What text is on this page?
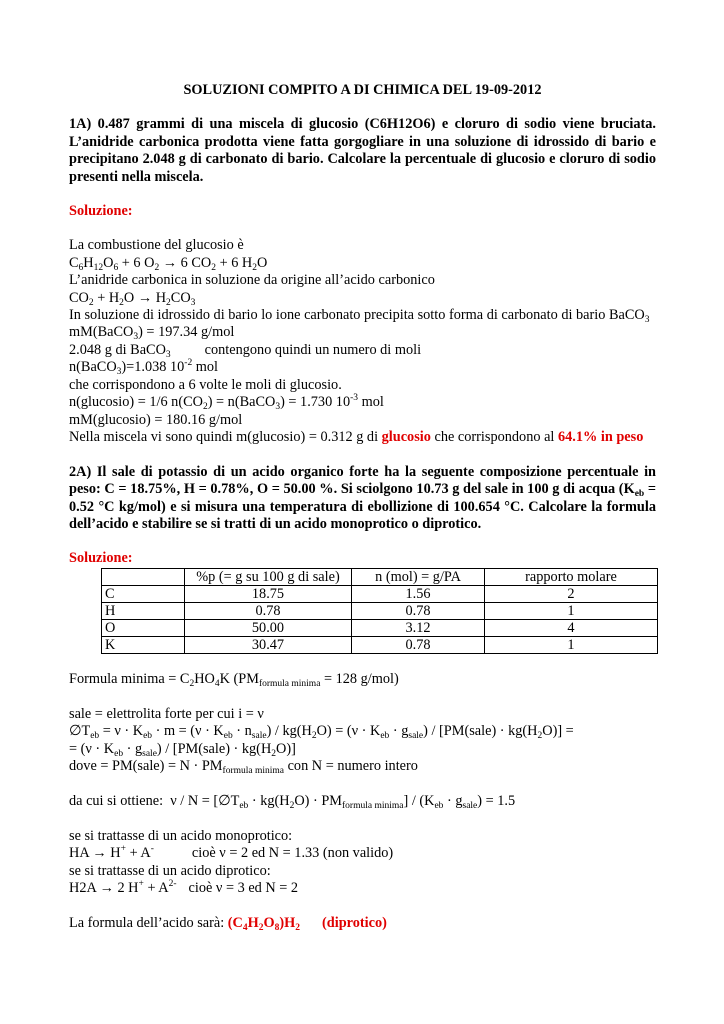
SOLUZIONI COMPITO A DI CHIMICA DEL 19-09-2012

1A) 0.487 grammi di una miscela di glucosio (C6H12O6) e cloruro di sodio viene bruciata. L’anidride carbonica prodotta viene fatta gorgogliare in una soluzione di idrossido di bario e precipitano 2.048 g di carbonato di bario. Calcolare la percentuale di glucosio e cloruro di sodio presenti nella miscela.

Soluzione:

La combustione del glucosio è

$C_6H_{12}O_6 + 6$ $O_2 \to 6$ $CO_2 + 6$ $H_2O$

L’anidride carbonica in soluzione da origine all’acido carbonico

$CO_2 + H_2O \to H_2CO_3$

In soluzione di idrossido di bario lo ione carbonato precipita sotto forma di carbonato di bario BaCO$_3$

mM(BaCO$_3$) = 197.34 g/mol

2.048 g di BaCO$_3$ contengono quindi un numero di moli

n(BaCO$_3$)=1.038 $10^{-2}$ mol

che corrispondono a 6 volte le moli di glucosio.

n(glucosio) = 1/6 $n(CO_2)$ = n(BaCO$_3$) = 1.730 $10^{-3}$ mol

mM(glucosio) = 180.16 g/mol

Nella miscela vi sono quindi m(glucosio) = 0.312 g di glucosio che corrispondono al 64.1% in peso

2A) Il sale di potassio di un acido organico forte ha la seguente composizione percentuale in peso: C = 18.75%, H = 0.78%, O = 50.00 %. Si sciolgono 10.73 g del sale in 100 g di acqua ($K_{eb} = 0.52$ °C kg/mol) e si misura una temperatura di ebollizione di 100.654 °C. Calcolare la formula dell’acido e stabilire se si tratti di un acido monoprotico o diprotico.

Soluzione:

	%p (= g su 100 g di sale)	n (mol) = g/PA	rapporto molare
C	18.75	1.56	2
H	0.78	0.78	1
O	50.00	3.12	4
K	30.47	0.78	1

Formula minima = $C_2HO_4K$ ($PM_{formula minima} = 128$ g/mol)

sale = elettrolita forte per cui i = ν

$\emptyset T_{eb} = \nu \cdot K_{eb} \cdot m = (\nu \cdot K_{eb} \cdot n_{sale}) / kg(H_2O) = (\nu \cdot K_{eb} \cdot g_{sale})$ / [PM(sale) · $kg(H_2O)$] =

= $(\nu \cdot K_{eb} \cdot g_{sale})$ / [PM(sale) · $kg(H_2O)$]

dove = PM(sale) = $N \cdot PM_{formula minima}$ con N = numero intero

da cui si ottiene:  $\nu / N = [\emptyset T_{eb} \cdot kg(H_2O) \cdot PM_{formula minima}] / (K_{eb} \cdot g_{sale}) = 1.5$

se si trattasse di un acido monoprotico:

HA → H+ + A-	cioè ν = 2 ed N = 1.33 (non valido)

se si trattasse di un acido diprotico:

H2A → 2 $H^+ + A^{2-}$ cioè ν = 3 ed N = 2

La formula dell’acido sarà: $(C_4H_2O_8)H_2$ (diprotico)
